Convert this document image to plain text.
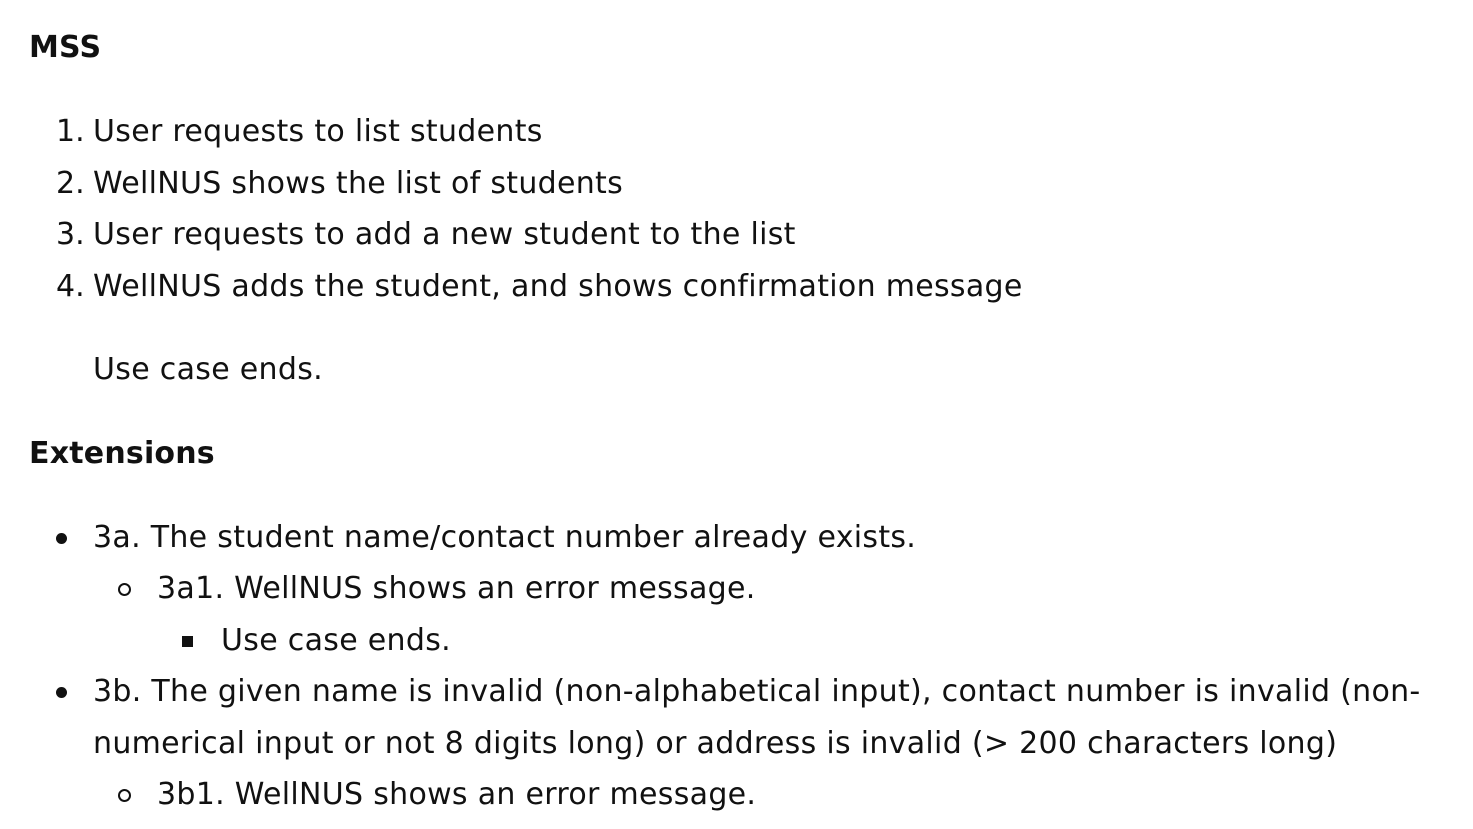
MSS
1. User requests to list students
2. WellNUS shows the list of students
3. User requests to add a new student to the list
4. WellNUS adds the student, and shows confirmation message
Use case ends.
Extensions
3a. The student name/contact number already exists.
3a1. WellNUS shows an error message.
Use case ends.
3b. The given name is invalid (non-alphabetical input), contact number is invalid (non-
numerical input or not 8 digits long) or address is invalid (> 200 characters long)
3b1. WellNUS shows an error message.
